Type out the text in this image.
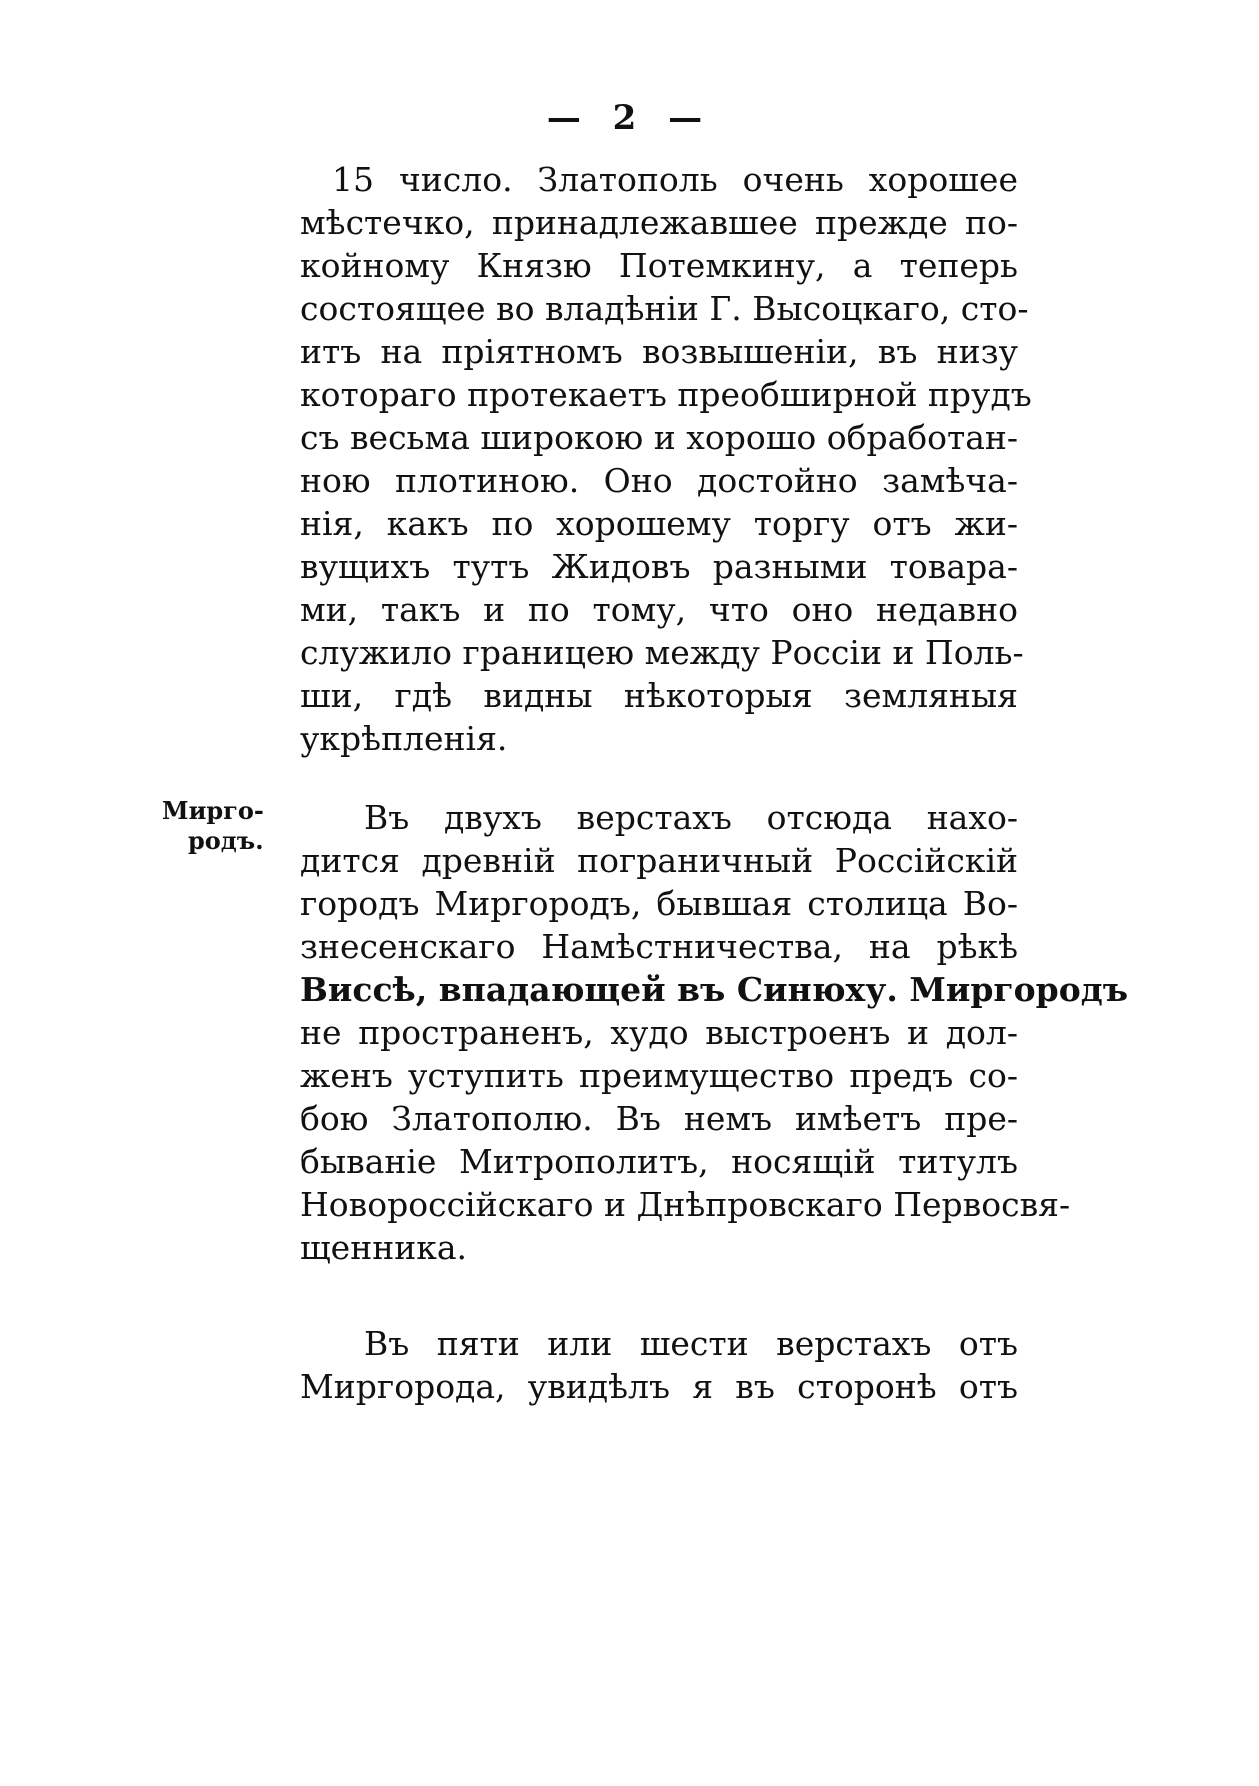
— 2 —
15 число. Златополь очень хорошее
мѣстечко, принадлежавшее прежде по-
койному Князю Потемкину, а теперь
состоящее во владѣнiи Г. Высоцкаго, сто-
итъ на прiятномъ возвышенiи, въ низу
котораго протекаетъ преобширной прудъ
съ весьма широкою и хорошо обработан-
ною плотиною. Оно достойно замѣча-
нiя, какъ по хорошему торгу отъ жи-
вущихъ тутъ Жидовъ разными товара-
ми, такъ и по тому, что оно недавно
служило границею между Россiи и Поль-
ши, гдѣ видны нѣкоторыя земляныя
укрѣпленiя.
Мирго-
родъ.
Въ двухъ верстахъ отсюда нахо-
дится древнiй пограничный Россiйскiй
городъ Миргородъ, бывшая столица Во-
знесенскаго Намѣстничества, на рѣкѣ
Виссѣ, впадающей въ Синюху. Миргородъ
не пространенъ, худо выстроенъ и дол-
женъ уступить преимущество предъ со-
бою Златополю. Въ немъ имѣетъ пре-
быванiе Митрополитъ, носящiй титулъ
Новороссiйскаго и Днѣпровскаго Первосвя-
щенника.
Въ пяти или шести верстахъ отъ
Миргорода, увидѣлъ я въ сторонѣ отъ
